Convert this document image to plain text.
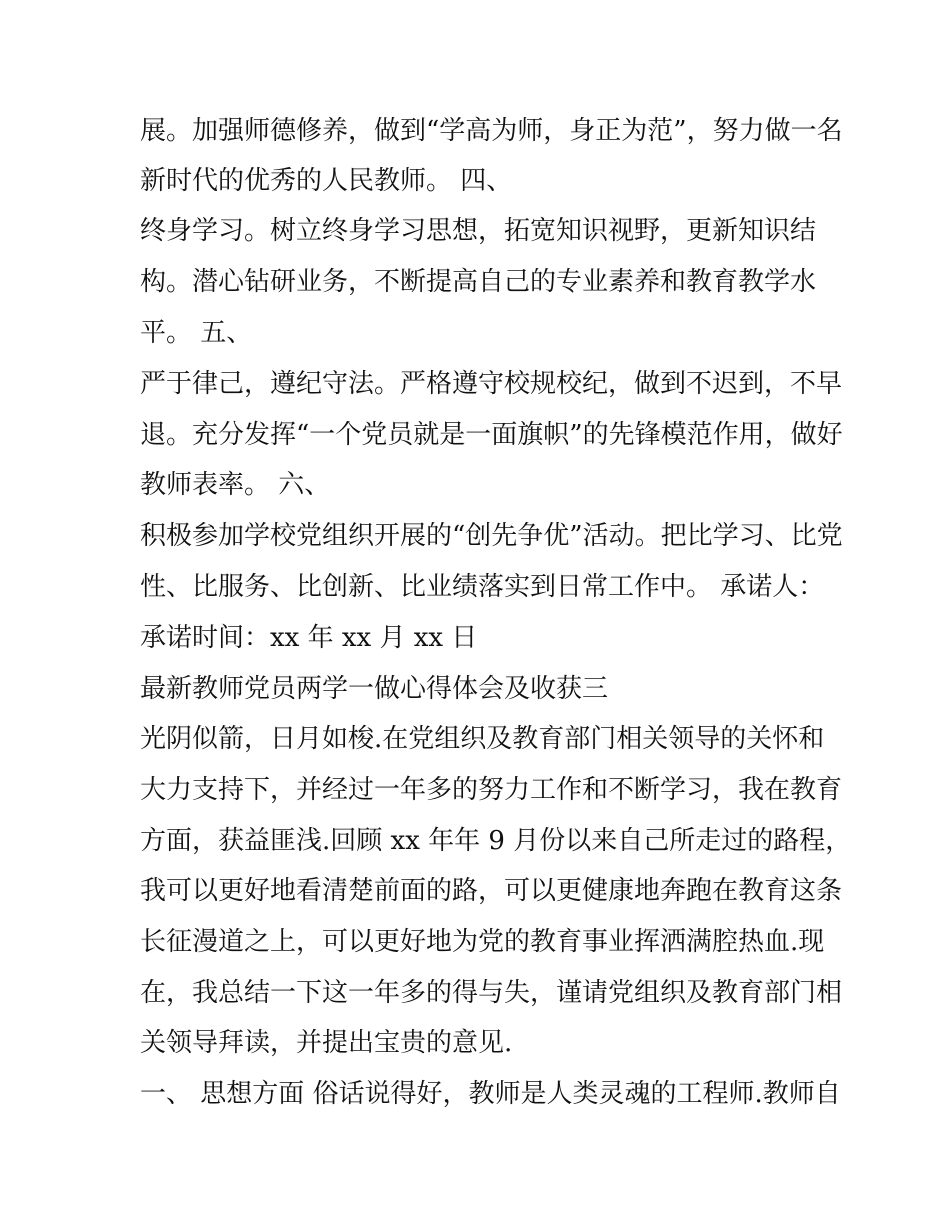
展。加强师德修养，做到“学高为师，身正为范”，努力做一名
新时代的优秀的人民教师。 四、
终身学习。树立终身学习思想，拓宽知识视野，更新知识结
构。潜心钻研业务，不断提高自己的专业素养和教育教学水
平。 五、
严于律己，遵纪守法。严格遵守校规校纪，做到不迟到，不早
退。充分发挥“一个党员就是一面旗帜”的先锋模范作用，做好
教师表率。 六、
积极参加学校党组织开展的“创先争优”活动。把比学习、比党
性、比服务、比创新、比业绩落实到日常工作中。 承诺人：
承诺时间：xx 年 xx 月 xx 日
最新教师党员两学一做心得体会及收获三
光阴似箭，日月如梭.在党组织及教育部门相关领导的关怀和
大力支持下，并经过一年多的努力工作和不断学习，我在教育
方面，获益匪浅.回顾 xx 年年 9 月份以来自己所走过的路程，
我可以更好地看清楚前面的路，可以更健康地奔跑在教育这条
长征漫道之上，可以更好地为党的教育事业挥洒满腔热血.现
在，我总结一下这一年多的得与失，谨请党组织及教育部门相
关领导拜读，并提出宝贵的意见.
一、 思想方面 俗话说得好，教师是人类灵魂的工程师.教师自
